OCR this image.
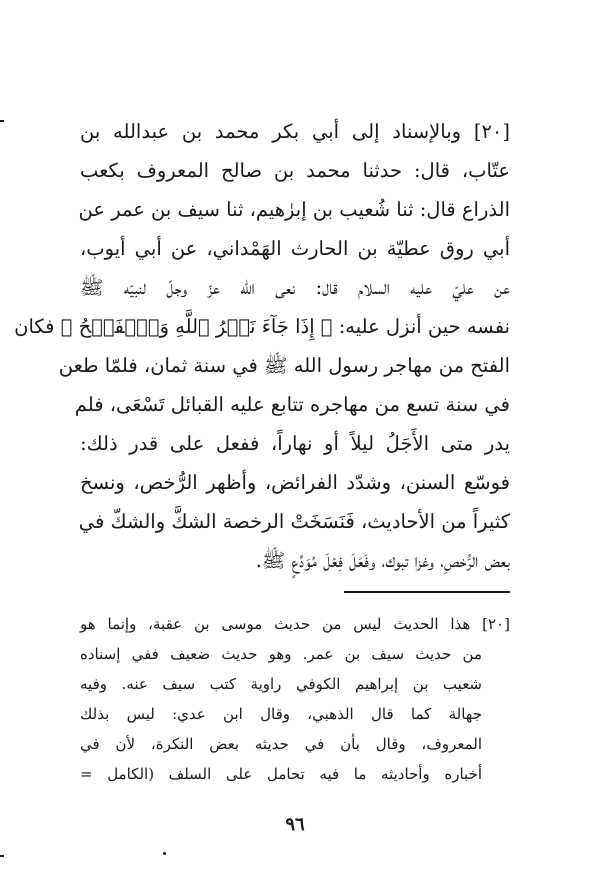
[٢٠] وبالإسناد إلى أبي بكر محمد بن عبدالله بن
عتّاب، قال: حدثنا محمد بن صالح المعروف بكعب
الذراع قال: ثنا شُعيب بن إبرٰهيم، ثنا سيف بن عمر عن
أبي روق عطيّة بن الحارث الهَمْداني، عن أبي أيوب،
عن عليّ عليه السلام قال: نعى الله عزّ وجلّ لنبيّه ﷺ
نفسه حين أنزل عليه: ﴿ إِذَا جَآءَ نَصۡرُ ٱللَّهِ وَٱلۡفَتۡحُ ﴾ فكان
الفتح من مهاجر رسول الله ﷺ في سنة ثمان، فلمّا طعن
في سنة تسع من مهاجره تتابع عليه القبائل تَسْعَى، فلم
يدر متى الأَجَلُ ليلاً أو نهاراً، ففعل على قدر ذلك:
فوسّع السنن، وشدّد الفرائض، وأظهر الرُّخص، ونسخ
كثيراً من الأحاديث، فَنَسَخَتْ الرخصة الشكَّ والشكّ في
بعض الرُّخصِ، وغزا تبوك، وفَعَلَ فِعْلَ مُوَدِّعٍ ﷺ.
[٢٠] هذا الحديث ليس من حديث موسى بن عقبة، وإنما هو
من حديث سيف بن عمر. وهو حديث ضعيف ففي إسناده
شعيب بن إبراهيم الكوفي راوية كتب سيف عنه. وفيه
جهالة كما قال الذهبي، وقال ابن عدي: ليس بذلك
المعروف، وقال بأن في حديثه بعض النكرة، لأن في
أخباره وأحاديثه ما فيه تحامل على السلف (الكامل =
٩٦
